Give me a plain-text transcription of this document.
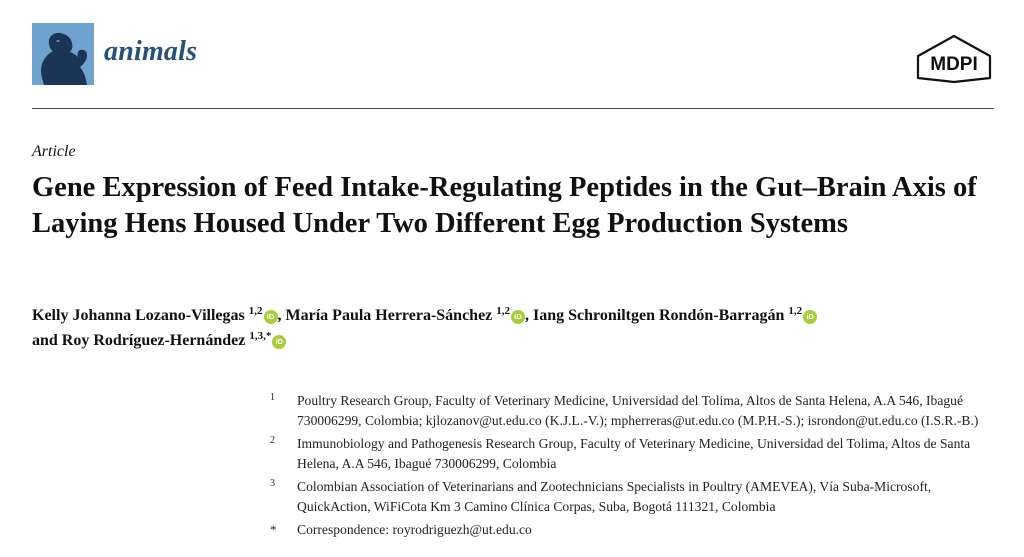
animals	MDPI
Article
Gene Expression of Feed Intake-Regulating Peptides in the Gut–Brain Axis of Laying Hens Housed Under Two Different Egg Production Systems
Kelly Johanna Lozano-Villegas $^{1,2}$ iD , María Paula Herrera-Sánchez $^{1,2}$ iD , Iang Schroniltgen Rondón-Barragán $^{1,2}$ iD
and Roy Rodríguez-Hernández $^{1,3,*}$ iD
1 Poultry Research Group, Faculty of Veterinary Medicine, Universidad del Tolima, Altos de Santa Helena, A.A 546, Ibagué 730006299, Colombia; kjlozanov@ut.edu.co (K.J.L.-V.); mpherreras@ut.edu.co (M.P.H.-S.); isrondon@ut.edu.co (I.S.R.-B.)
2 Immunobiology and Pathogenesis Research Group, Faculty of Veterinary Medicine, Universidad del Tolima, Altos de Santa Helena, A.A 546, Ibagué 730006299, Colombia
3 Colombian Association of Veterinarians and Zootechnicians Specialists in Poultry (AMEVEA), Vía Suba-Microsoft, QuickAction, WiFiCota Km 3 Camino Clínica Corpas, Suba, Bogotá 111321, Colombia
* Correspondence: royrodriguezh@ut.edu.co
